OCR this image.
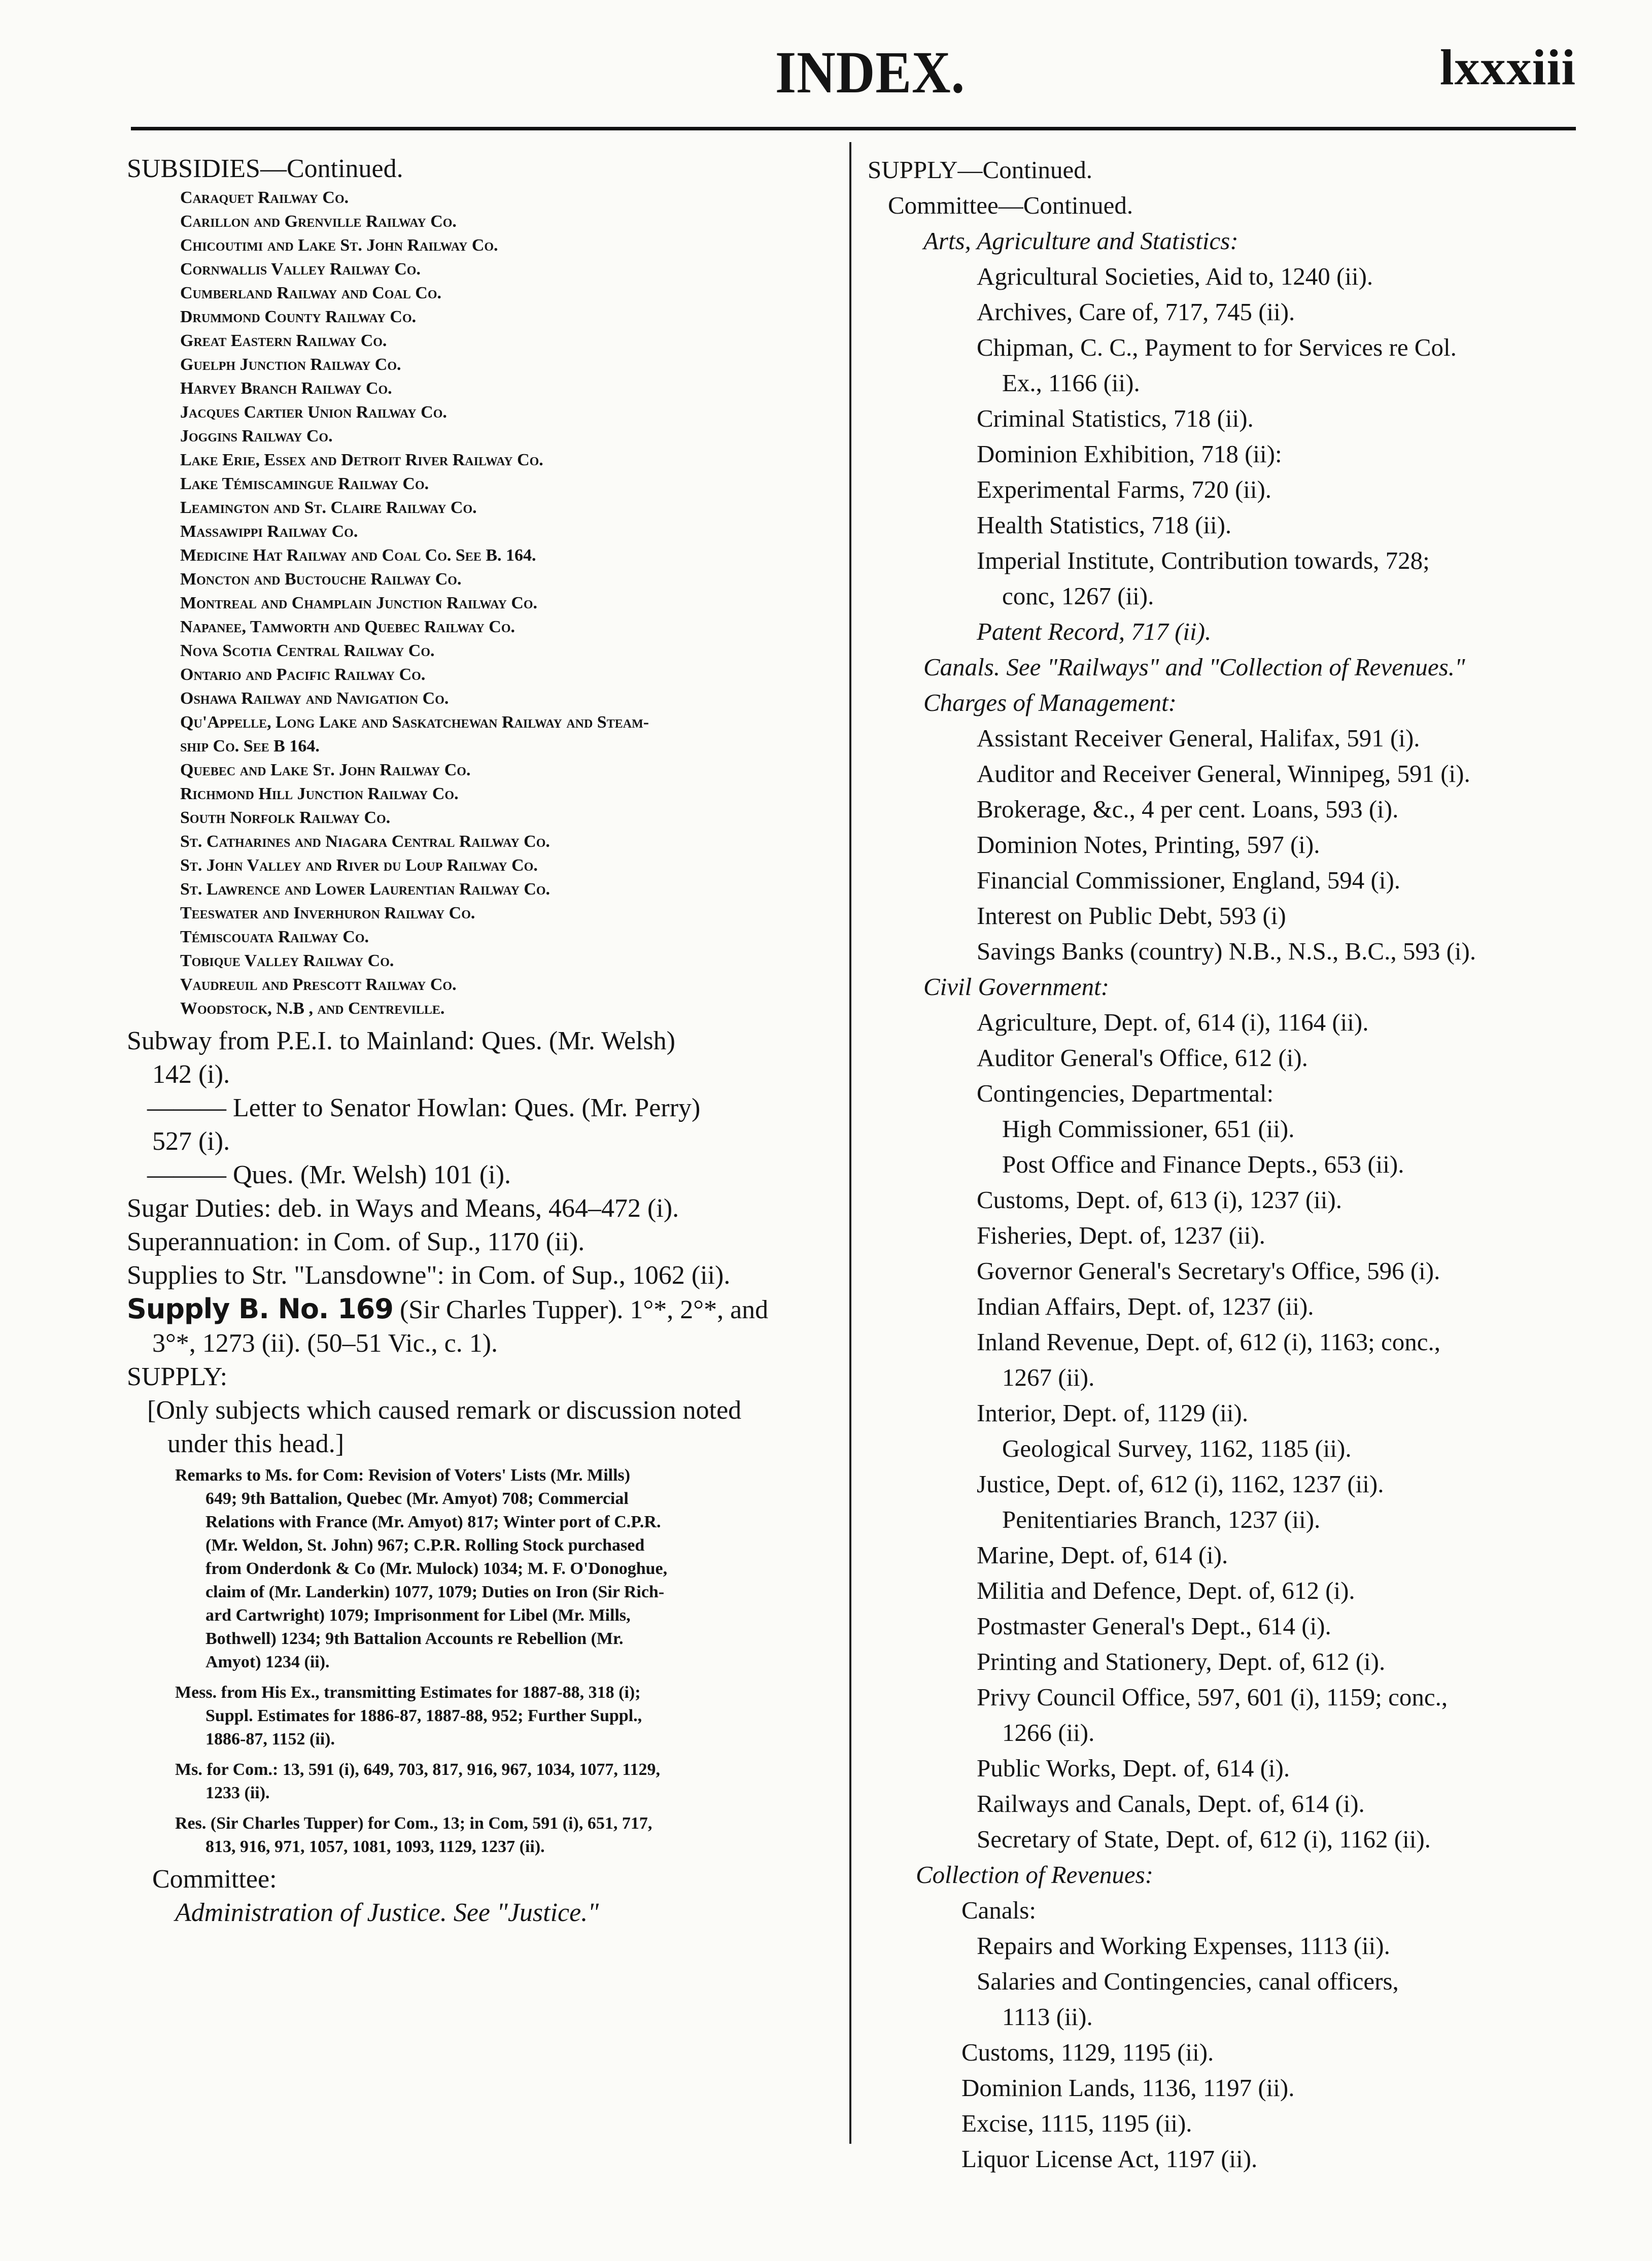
INDEX.	lxxxiii
SUBSIDIES—Continued.
Caraquet Railway Co.
Carillon and Grenville Railway Co.
Chicoutimi and Lake St. John Railway Co.
Cornwallis Valley Railway Co.
Cumberland Railway and Coal Co.
Drummond County Railway Co.
Great Eastern Railway Co.
Guelph Junction Railway Co.
Harvey Branch Railway Co.
Jacques Cartier Union Railway Co.
Joggins Railway Co.
Lake Erie, Essex and Detroit River Railway Co.
Lake Témiscamingue Railway Co.
Leamington and St. Claire Railway Co.
Massawippi Railway Co.
Medicine Hat Railway and Coal Co. See B. 164.
Moncton and Buctouche Railway Co.
Montreal and Champlain Junction Railway Co.
Napanee, Tamworth and Quebec Railway Co.
Nova Scotia Central Railway Co.
Ontario and Pacific Railway Co.
Oshawa Railway and Navigation Co.
Qu'Appelle, Long Lake and Saskatchewan Railway and Steam-
ship Co. See B 164.
Quebec and Lake St. John Railway Co.
Richmond Hill Junction Railway Co.
South Norfolk Railway Co.
St. Catharines and Niagara Central Railway Co.
St. John Valley and River du Loup Railway Co.
St. Lawrence and Lower Laurentian Railway Co.
Teeswater and Inverhuron Railway Co.
Témiscouata Railway Co.
Tobique Valley Railway Co.
Vaudreuil and Prescott Railway Co.
Woodstock, N.B , and Centreville.
Subway from P.E.I. to Mainland: Ques. (Mr. Welsh)
142 (i).
——— Letter to Senator Howlan: Ques. (Mr. Perry)
527 (i).
——— Ques. (Mr. Welsh) 101 (i).
Sugar Duties: deb. in Ways and Means, 464–472 (i).
Superannuation: in Com. of Sup., 1170 (ii).
Supplies to Str. "Lansdowne": in Com. of Sup., 1062 (ii).
Supply B. No. 169 (Sir Charles Tupper). 1°*, 2°*, and
3°*, 1273 (ii). (50–51 Vic., c. 1).
SUPPLY:
[Only subjects which caused remark or discussion noted
under this head.]
Remarks to Ms. for Com: Revision of Voters' Lists (Mr. Mills)
649; 9th Battalion, Quebec (Mr. Amyot) 708; Commercial
Relations with France (Mr. Amyot) 817; Winter port of C.P.R.
(Mr. Weldon, St. John) 967; C.P.R. Rolling Stock purchased
from Onderdonk & Co (Mr. Mulock) 1034; M. F. O'Donoghue,
claim of (Mr. Landerkin) 1077, 1079; Duties on Iron (Sir Rich-
ard Cartwright) 1079; Imprisonment for Libel (Mr. Mills,
Bothwell) 1234; 9th Battalion Accounts re Rebellion (Mr.
Amyot) 1234 (ii).
Mess. from His Ex., transmitting Estimates for 1887-88, 318 (i);
Suppl. Estimates for 1886-87, 1887-88, 952; Further Suppl.,
1886-87, 1152 (ii).
Ms. for Com.: 13, 591 (i), 649, 703, 817, 916, 967, 1034, 1077, 1129,
1233 (ii).
Res. (Sir Charles Tupper) for Com., 13; in Com, 591 (i), 651, 717,
813, 916, 971, 1057, 1081, 1093, 1129, 1237 (ii).
Committee:
Administration of Justice. See "Justice."
SUPPLY—Continued.
Committee—Continued.
Arts, Agriculture and Statistics:
Agricultural Societies, Aid to, 1240 (ii).
Archives, Care of, 717, 745 (ii).
Chipman, C. C., Payment to for Services re Col.
Ex., 1166 (ii).
Criminal Statistics, 718 (ii).
Dominion Exhibition, 718 (ii):
Experimental Farms, 720 (ii).
Health Statistics, 718 (ii).
Imperial Institute, Contribution towards, 728;
conc, 1267 (ii).
Patent Record, 717 (ii).
Canals. See "Railways" and "Collection of Revenues."
Charges of Management:
Assistant Receiver General, Halifax, 591 (i).
Auditor and Receiver General, Winnipeg, 591 (i).
Brokerage, &c., 4 per cent. Loans, 593 (i).
Dominion Notes, Printing, 597 (i).
Financial Commissioner, England, 594 (i).
Interest on Public Debt, 593 (i)
Savings Banks (country) N.B., N.S., B.C., 593 (i).
Civil Government:
Agriculture, Dept. of, 614 (i), 1164 (ii).
Auditor General's Office, 612 (i).
Contingencies, Departmental:
High Commissioner, 651 (ii).
Post Office and Finance Depts., 653 (ii).
Customs, Dept. of, 613 (i), 1237 (ii).
Fisheries, Dept. of, 1237 (ii).
Governor General's Secretary's Office, 596 (i).
Indian Affairs, Dept. of, 1237 (ii).
Inland Revenue, Dept. of, 612 (i), 1163; conc.,
1267 (ii).
Interior, Dept. of, 1129 (ii).
Geological Survey, 1162, 1185 (ii).
Justice, Dept. of, 612 (i), 1162, 1237 (ii).
Penitentiaries Branch, 1237 (ii).
Marine, Dept. of, 614 (i).
Militia and Defence, Dept. of, 612 (i).
Postmaster General's Dept., 614 (i).
Printing and Stationery, Dept. of, 612 (i).
Privy Council Office, 597, 601 (i), 1159; conc.,
1266 (ii).
Public Works, Dept. of, 614 (i).
Railways and Canals, Dept. of, 614 (i).
Secretary of State, Dept. of, 612 (i), 1162 (ii).
Collection of Revenues:
Canals:
Repairs and Working Expenses, 1113 (ii).
Salaries and Contingencies, canal officers,
1113 (ii).
Customs, 1129, 1195 (ii).
Dominion Lands, 1136, 1197 (ii).
Excise, 1115, 1195 (ii).
Liquor License Act, 1197 (ii).
